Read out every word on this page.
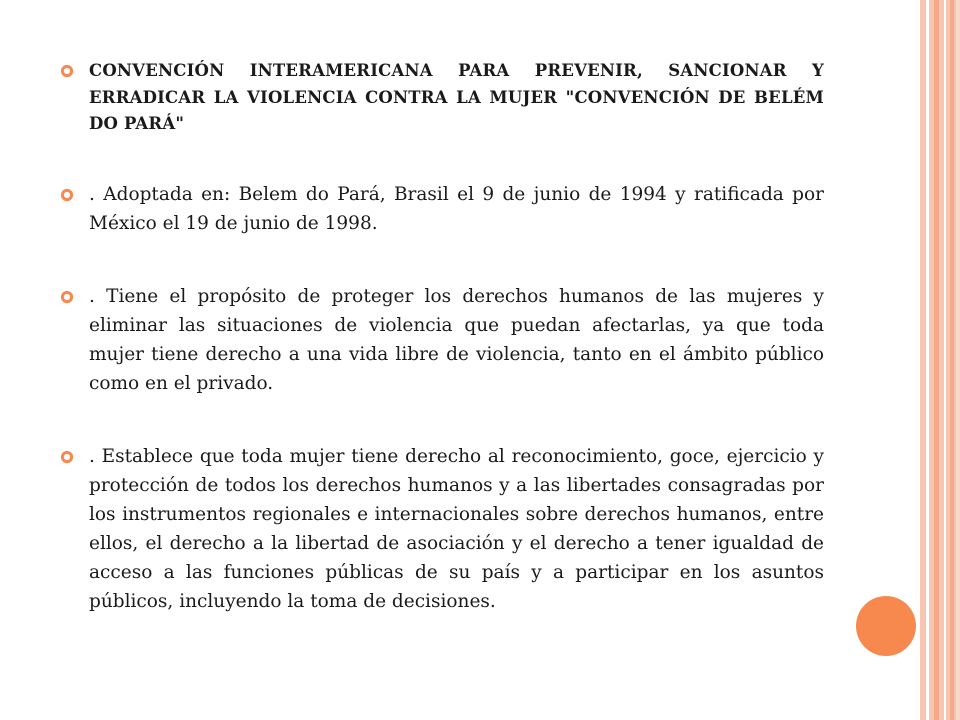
CONVENCIÓN INTERAMERICANA PARA PREVENIR, SANCIONAR Y ERRADICAR LA VIOLENCIA CONTRA LA MUJER "CONVENCIÓN DE BELÉM DO PARÁ"
. Adoptada en: Belem do Pará, Brasil el 9 de junio de 1994 y ratificada por México el 19 de junio de 1998.
. Tiene el propósito de proteger los derechos humanos de las mujeres y eliminar las situaciones de violencia que puedan afectarlas, ya que toda mujer tiene derecho a una vida libre de violencia, tanto en el ámbito público como en el privado.
. Establece que toda mujer tiene derecho al reconocimiento, goce, ejercicio y protección de todos los derechos humanos y a las libertades consagradas por los instrumentos regionales e internacionales sobre derechos humanos, entre ellos, el derecho a la libertad de asociación y el derecho a tener igualdad de acceso a las funciones públicas de su país y a participar en los asuntos públicos, incluyendo la toma de decisiones.
